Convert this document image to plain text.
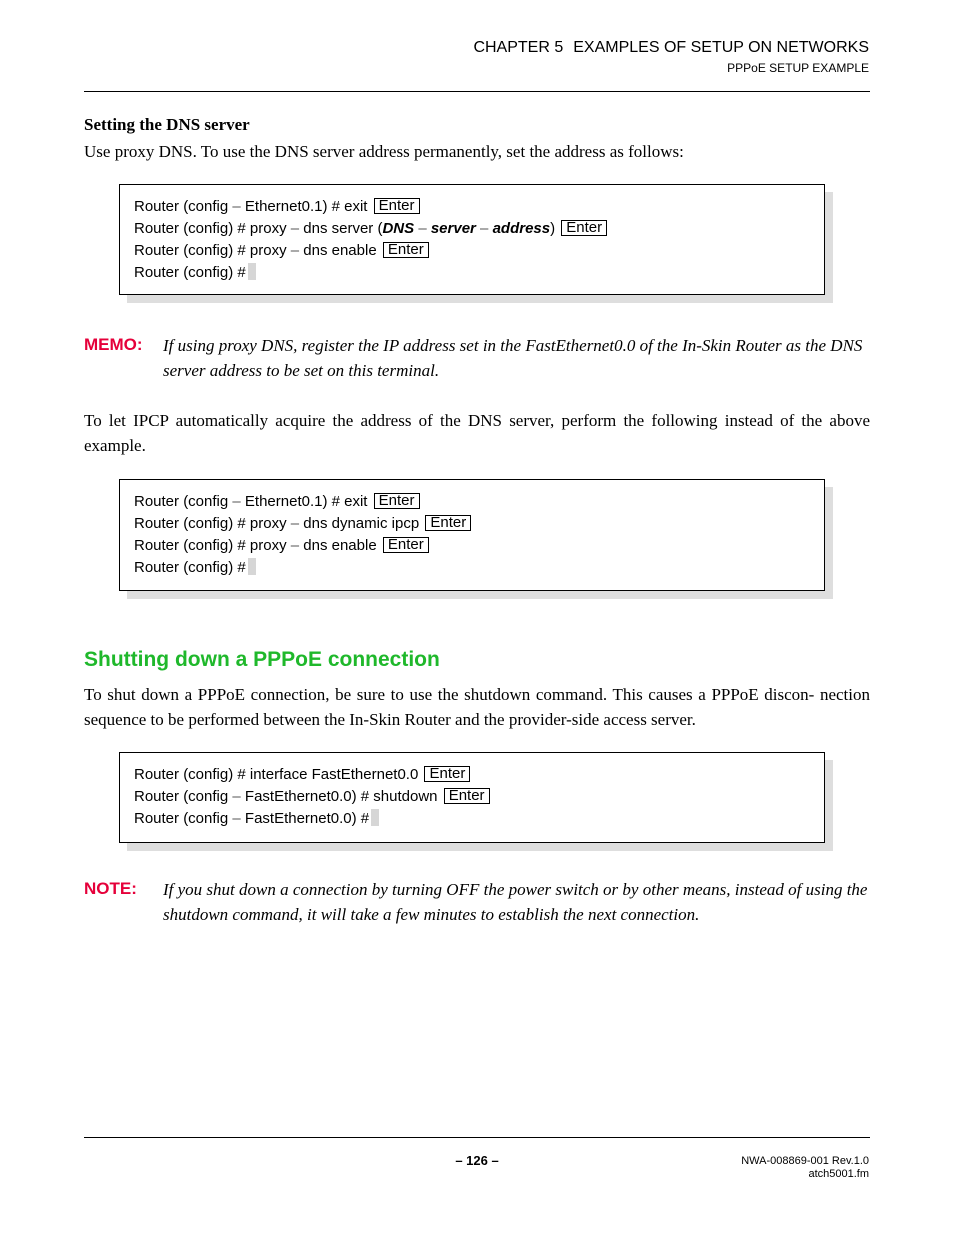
CHAPTER 5 EXAMPLES OF SETUP ON NETWORKS
PPPoE SETUP EXAMPLE
Setting the DNS server
Use proxy DNS. To use the DNS server address permanently, set the address as follows:
Router (config – Ethernet0.1) # exit Enter
Router (config) # proxy – dns server (DNS – server – address) Enter
Router (config) # proxy – dns enable Enter
Router (config) #
MEMO: If using proxy DNS, register the IP address set in the FastEthernet0.0 of the In-Skin Router as the DNS server address to be set on this terminal.
To let IPCP automatically acquire the address of the DNS server, perform the following instead of the above example.
Router (config – Ethernet0.1) # exit Enter
Router (config) # proxy – dns dynamic ipcp Enter
Router (config) # proxy – dns enable Enter
Router (config) #
Shutting down a PPPoE connection
To shut down a PPPoE connection, be sure to use the shutdown command. This causes a PPPoE discon- nection sequence to be performed between the In-Skin Router and the provider-side access server.
Router (config) # interface FastEthernet0.0 Enter
Router (config – FastEthernet0.0) # shutdown Enter
Router (config – FastEthernet0.0) #
NOTE: If you shut down a connection by turning OFF the power switch or by other means, instead of using the shutdown command, it will take a few minutes to establish the next connection.
– 126 –	NWA-008869-001 Rev.1.0
atch5001.fm
